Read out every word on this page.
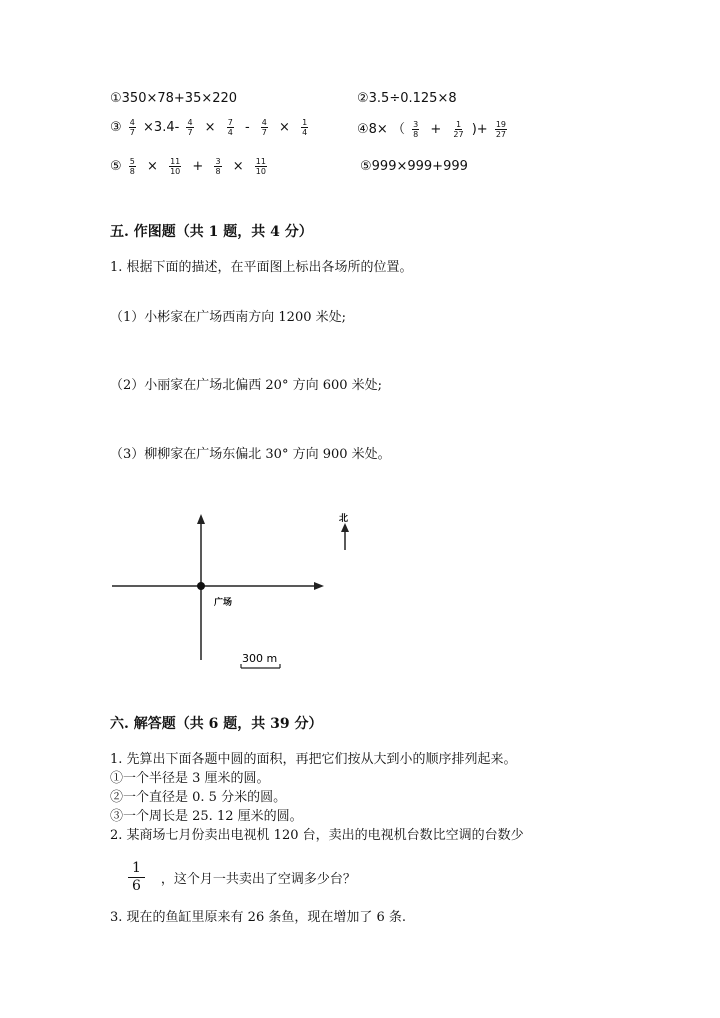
①350×78+35×220	②3.5÷0.125×8
③ $\frac{4}{7} \times 3.4- \frac{4}{7} \times \frac{7}{4} - \frac{4}{7} \times \frac{1}{4}$	④8× （ $\frac{3}{8} + \frac{1}{27}$ )+ $\frac{19}{27}$
⑤ $\frac{5}{8} \times \frac{11}{10} + \frac{3}{8} \times \frac{11}{10}$	⑤999×999+999
五. 作图题（共 1 题，共 4 分）
1. 根据下面的描述，在平面图上标出各场所的位置。
（1）小彬家在广场西南方向 1200 米处;
（2）小丽家在广场北偏西 20° 方向 600 米处;
（3）柳柳家在广场东偏北 30° 方向 900 米处。
广场
北
300 m
六. 解答题（共 6 题，共 39 分）
1. 先算出下面各题中圆的面积，再把它们按从大到小的顺序排列起来。
①一个半径是 3 厘米的圆。
②一个直径是 0. 5 分米的圆。
③一个周长是 25. 12 厘米的圆。
2. 某商场七月份卖出电视机 120 台，卖出的电视机台数比空调的台数少
1
6	，这个月一共卖出了空调多少台？
3. 现在的鱼缸里原来有 26 条鱼，现在增加了 6 条.
